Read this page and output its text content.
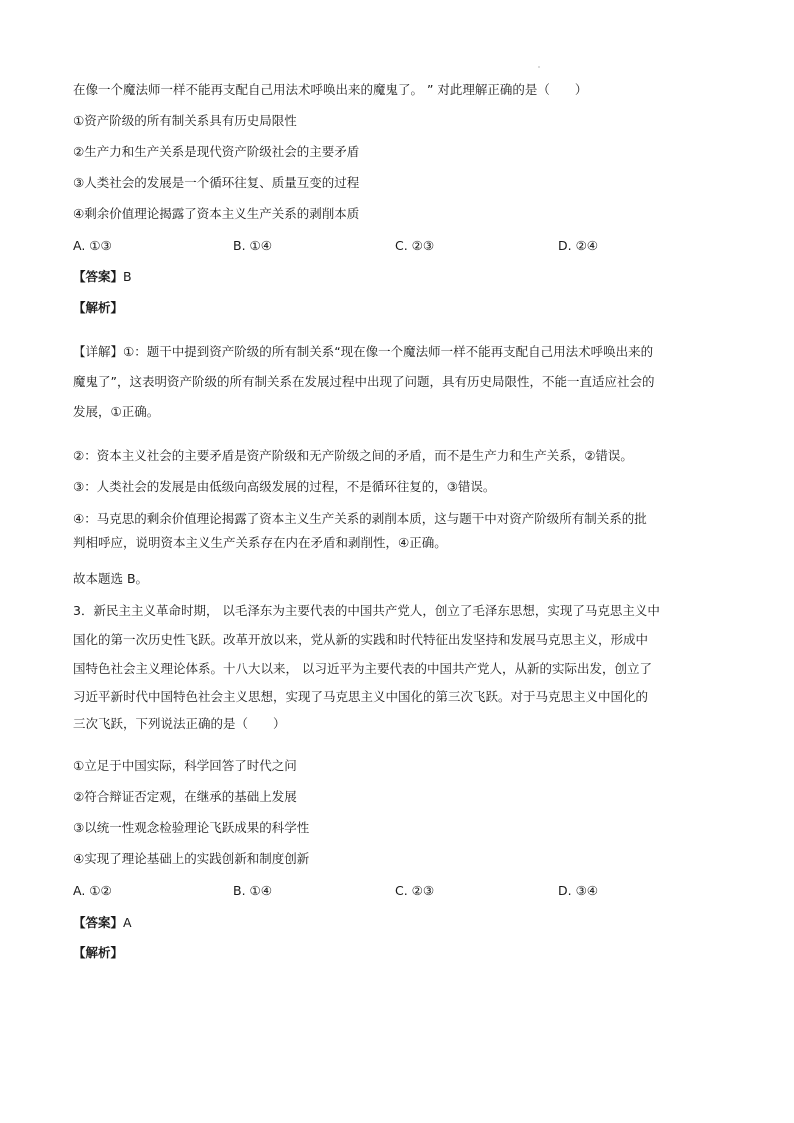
在像一个魔法师一样不能再支配自己用法术呼唤出来的魔鬼了。 ” 对此理解正确的是（　　）
①资产阶级的所有制关系具有历史局限性
②生产力和生产关系是现代资产阶级社会的主要矛盾
③人类社会的发展是一个循环往复、质量互变的过程
④剩余价值理论揭露了资本主义生产关系的剥削本质
A. ①③	B. ①④	C. ②③	D. ②④
【答案】B
【解析】
【详解】①：题干中提到资产阶级的所有制关系“现在像一个魔法师一样不能再支配自己用法术呼唤出来的
魔鬼了”，这表明资产阶级的所有制关系在发展过程中出现了问题，具有历史局限性，不能一直适应社会的
发展，①正确。
②：资本主义社会的主要矛盾是资产阶级和无产阶级之间的矛盾，而不是生产力和生产关系，②错误。
③：人类社会的发展是由低级向高级发展的过程，不是循环往复的，③错误。
④：马克思的剩余价值理论揭露了资本主义生产关系的剥削本质，这与题干中对资产阶级所有制关系的批
判相呼应，说明资本主义生产关系存在内在矛盾和剥削性，④正确。
故本题选 B。
3．新民主主义革命时期， 以毛泽东为主要代表的中国共产党人，创立了毛泽东思想，实现了马克思主义中
国化的第一次历史性飞跃。改革开放以来，党从新的实践和时代特征出发坚持和发展马克思主义，形成中
国特色社会主义理论体系。十八大以来， 以习近平为主要代表的中国共产党人，从新的实际出发，创立了
习近平新时代中国特色社会主义思想，实现了马克思主义中国化的第三次飞跃。对于马克思主义中国化的
三次飞跃，下列说法正确的是（　　）
①立足于中国实际，科学回答了时代之问
②符合辩证否定观，在继承的基础上发展
③以统一性观念检验理论飞跃成果的科学性
④实现了理论基础上的实践创新和制度创新
A. ①②	B. ①④	C. ②③	D. ③④
【答案】A
【解析】
